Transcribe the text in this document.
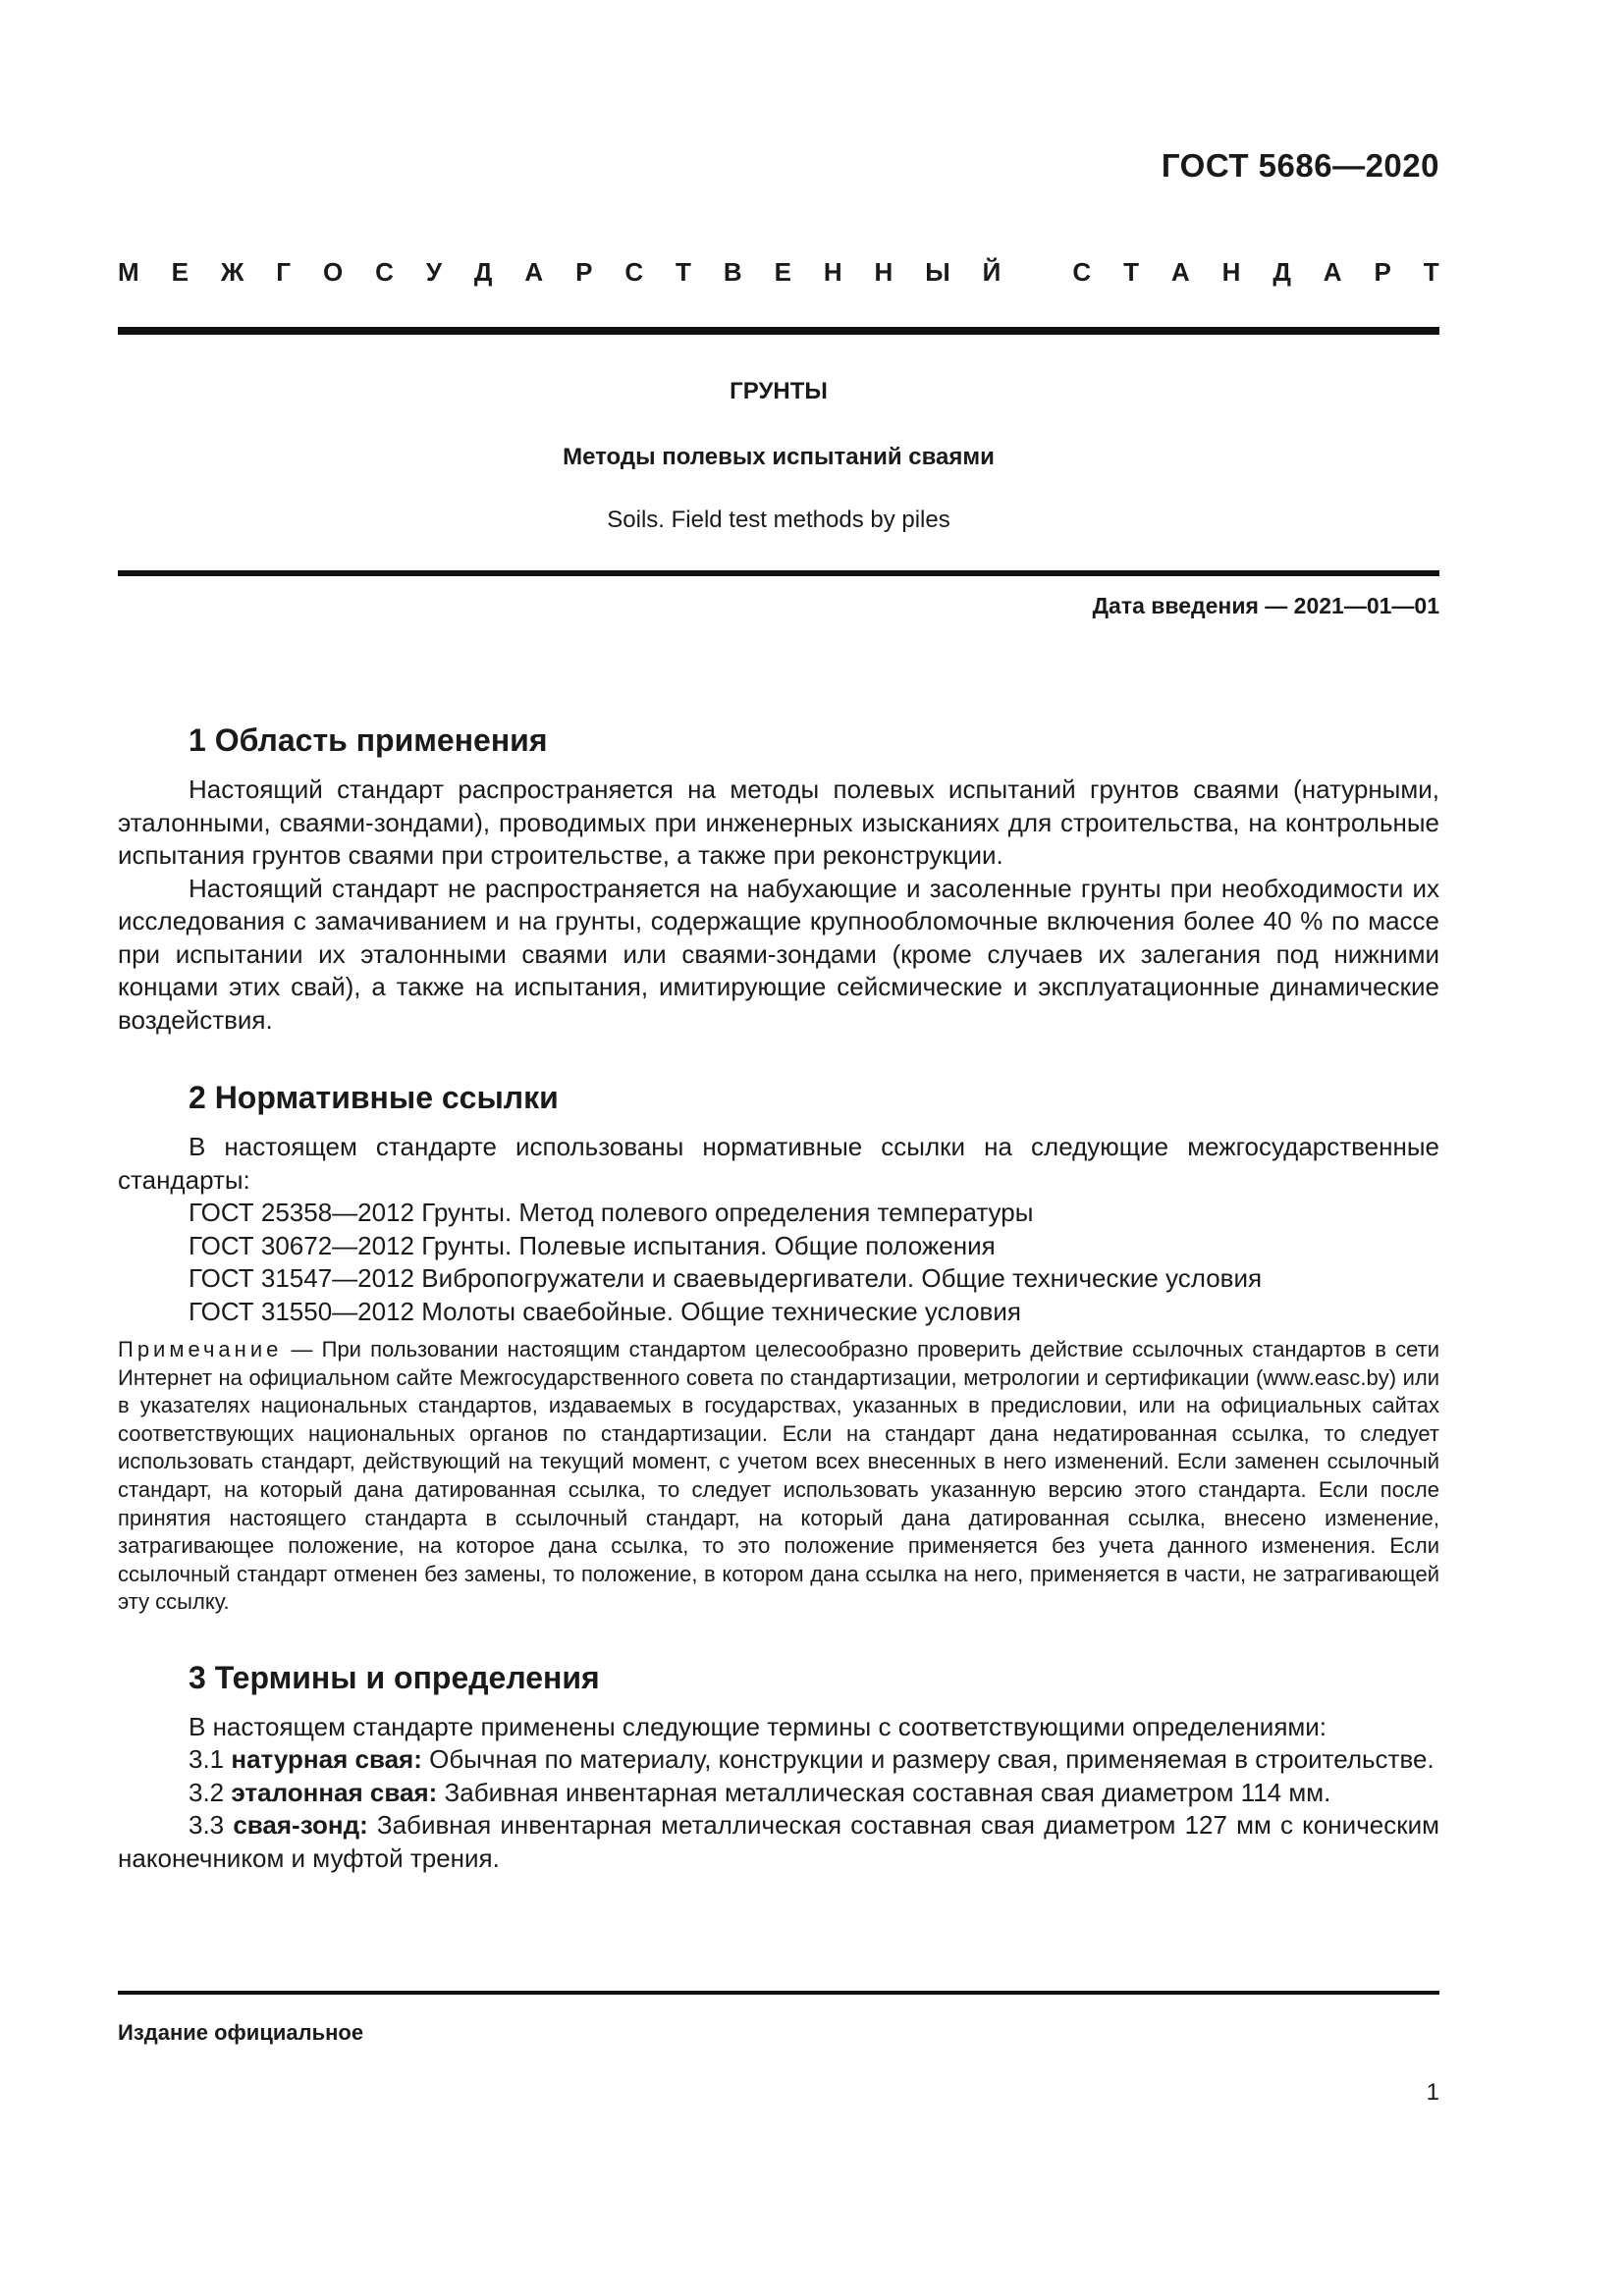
ГОСТ 5686—2020
М Е Ж Г О С У Д А Р С Т В Е Н Н Ы Й
	С Т А Н Д А Р Т
ГРУНТЫ
Методы полевых испытаний сваями
Soils. Field test methods by piles
Дата введения — 2021—01—01
1 Область применения

Настоящий стандарт распространяется на методы полевых испытаний грунтов сваями (натурными, эталонными, сваями-зондами), проводимых при инженерных изысканиях для строительства, на контрольные испытания грунтов сваями при строительстве, а также при реконструкции.

Настоящий стандарт не распространяется на набухающие и засоленные грунты при необходимости их исследования с замачиванием и на грунты, содержащие крупнообломочные включения более 40 % по массе при испытании их эталонными сваями или сваями-зондами (кроме случаев их залегания под нижними концами этих свай), а также на испытания, имитирующие сейсмические и эксплуатационные динамические воздействия.

2 Нормативные ссылки

В настоящем стандарте использованы нормативные ссылки на следующие межгосударственные стандарты:

ГОСТ 25358—2012 Грунты. Метод полевого определения температуры

ГОСТ 30672—2012 Грунты. Полевые испытания. Общие положения

ГОСТ 31547—2012 Вибропогружатели и сваевыдергиватели. Общие технические условия

ГОСТ 31550—2012 Молоты сваебойные. Общие технические условия

Примечание — При пользовании настоящим стандартом целесообразно проверить действие ссылочных стандартов в сети Интернет на официальном сайте Межгосударственного совета по стандартизации, метрологии и сертификации (www.easc.by) или в указателях национальных стандартов, издаваемых в государствах, указанных в предисловии, или на официальных сайтах соответствующих национальных органов по стандартизации. Если на стандарт дана недатированная ссылка, то следует использовать стандарт, действующий на текущий момент, с учетом всех внесенных в него изменений. Если заменен ссылочный стандарт, на который дана датированная ссылка, то следует использовать указанную версию этого стандарта. Если после принятия настоящего стандарта в ссылочный стандарт, на который дана датированная ссылка, внесено изменение, затрагивающее положение, на которое дана ссылка, то это положение применяется без учета данного изменения. Если ссылочный стандарт отменен без замены, то положение, в котором дана ссылка на него, применяется в части, не затрагивающей эту ссылку.

3 Термины и определения

В настоящем стандарте применены следующие термины с соответствующими определениями:

3.1 натурная свая: Обычная по материалу, конструкции и размеру свая, применяемая в строительстве.

3.2 эталонная свая: Забивная инвентарная металлическая составная свая диаметром 114 мм.

3.3 свая-зонд: Забивная инвентарная металлическая составная свая диаметром 127 мм с коническим наконечником и муфтой трения.

Издание официальное
1
